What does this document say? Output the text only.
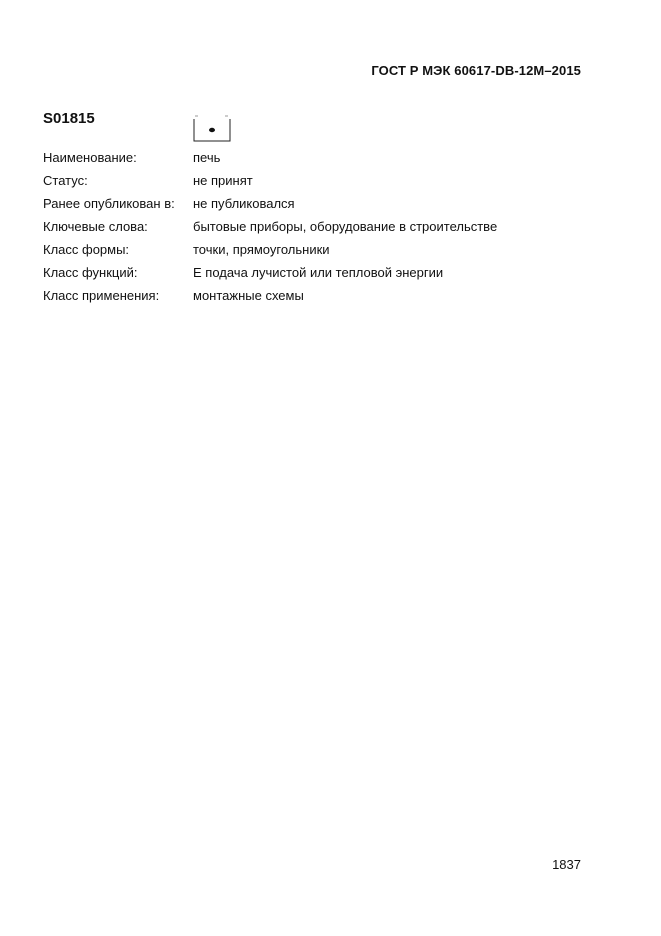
ГОСТ Р МЭК 60617-DB-12M–2015
S01815
Наименование:	печь
Статус:	не принят
Ранее опубликован в:	не публиковался
Ключевые слова:	бытовые приборы, оборудование в строительстве
Класс формы:	точки, прямоугольники
Класс функций:	E подача лучистой или тепловой энергии
Класс применения:	монтажные схемы
1837
